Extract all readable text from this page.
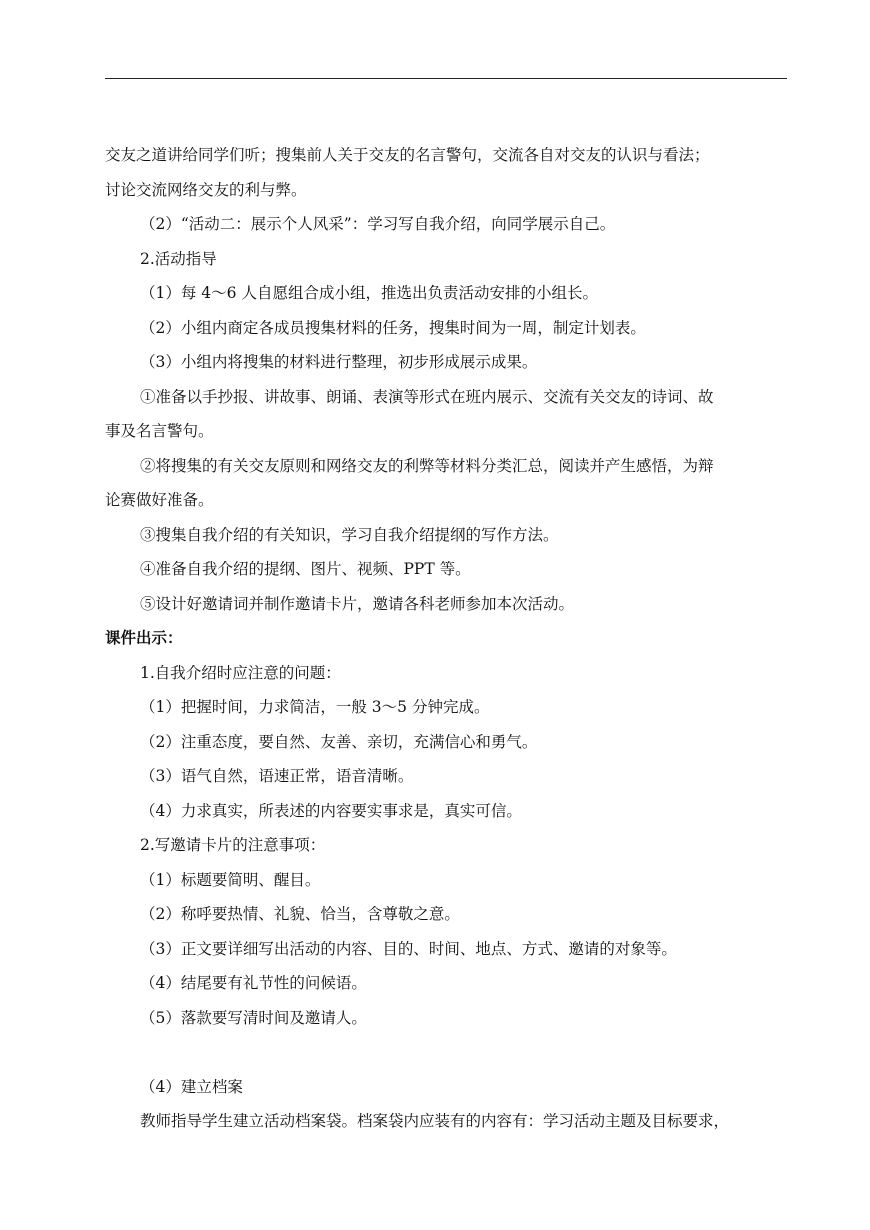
交友之道讲给同学们听；搜集前人关于交友的名言警句，交流各自对交友的认识与看法；

讨论交流网络交友的利与弊。

（2）“活动二：展示个人风采”：学习写自我介绍，向同学展示自己。

2.活动指导

（1）每 4～6 人自愿组合成小组，推选出负责活动安排的小组长。

（2）小组内商定各成员搜集材料的任务，搜集时间为一周，制定计划表。

（3）小组内将搜集的材料进行整理，初步形成展示成果。

①准备以手抄报、讲故事、朗诵、表演等形式在班内展示、交流有关交友的诗词、故

事及名言警句。

②将搜集的有关交友原则和网络交友的利弊等材料分类汇总，阅读并产生感悟，为辩

论赛做好准备。

③搜集自我介绍的有关知识，学习自我介绍提纲的写作方法。

④准备自我介绍的提纲、图片、视频、PPT 等。

⑤设计好邀请词并制作邀请卡片，邀请各科老师参加本次活动。

课件出示：

1.自我介绍时应注意的问题：

（1）把握时间，力求简洁，一般 3～5 分钟完成。

（2）注重态度，要自然、友善、亲切，充满信心和勇气。

（3）语气自然，语速正常，语音清晰。

（4）力求真实，所表述的内容要实事求是，真实可信。

2.写邀请卡片的注意事项：

（1）标题要简明、醒目。

（2）称呼要热情、礼貌、恰当，含尊敬之意。

（3）正文要详细写出活动的内容、目的、时间、地点、方式、邀请的对象等。

（4）结尾要有礼节性的问候语。

（5）落款要写清时间及邀请人。

（4）建立档案

教师指导学生建立活动档案袋。档案袋内应装有的内容有：学习活动主题及目标要求，
